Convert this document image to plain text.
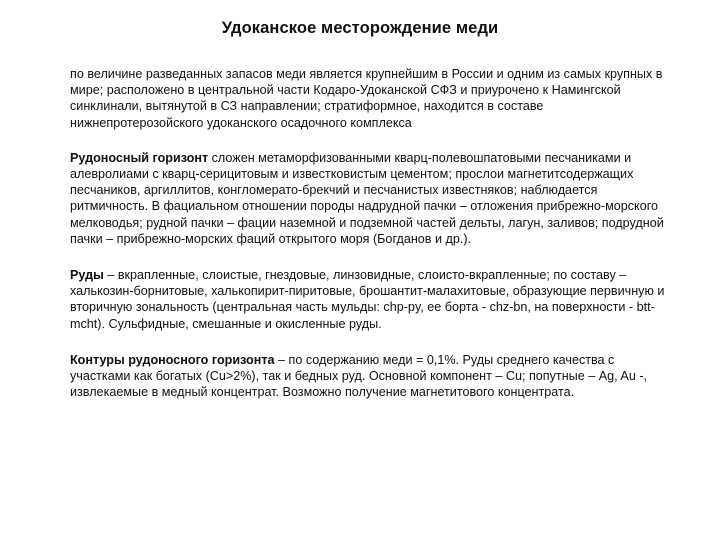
Удоканское месторождение меди

по величине разведанных запасов меди является крупнейшим в России и одним из самых крупных в мире; расположено в центральной части Кодаро-Удоканской СФЗ и приурочено к Намингской синклинали, вытянутой в СЗ направлении; стратиформное, находится в составе нижнепротерозойского удоканского осадочного комплекса

Рудоносный горизонт сложен метаморфизованными кварц-полевошпатовыми песчаниками и алевролиами с кварц-серицитовым и известковистым цементом; прослои магнетитсодержащих песчаников, аргиллитов, конгломерато-брекчий и песчанистых известняков; наблюдается ритмичность. В фациальном отношении породы надрудной пачки – отложения прибрежно-морского мелководья; рудной пачки – фации наземной и подземной частей дельты, лагун, заливов; подрудной пачки – прибрежно-морских фаций открытого моря (Богданов и др.).

Руды – вкрапленные, слоистые, гнездовые, линзовидные, слоисто-вкрапленные; по составу – халькозин-борнитовые, халькопирит-пиритовые, брошантит-малахитовые, образующие первичную и вторичную зональность (центральная часть мульды: chp-py, ее борта - chz-bn, на поверхности - btt-mcht). Сульфидные, смешанные и окисленные руды.

Контуры рудоносного горизонта – по содержанию меди = 0,1%. Руды среднего качества с участками как богатых (Cu>2%), так и бедных руд. Основной компонент – Cu; попутные – Ag, Au -, извлекаемые в медный концентрат. Возможно получение магнетитового концентрата.
